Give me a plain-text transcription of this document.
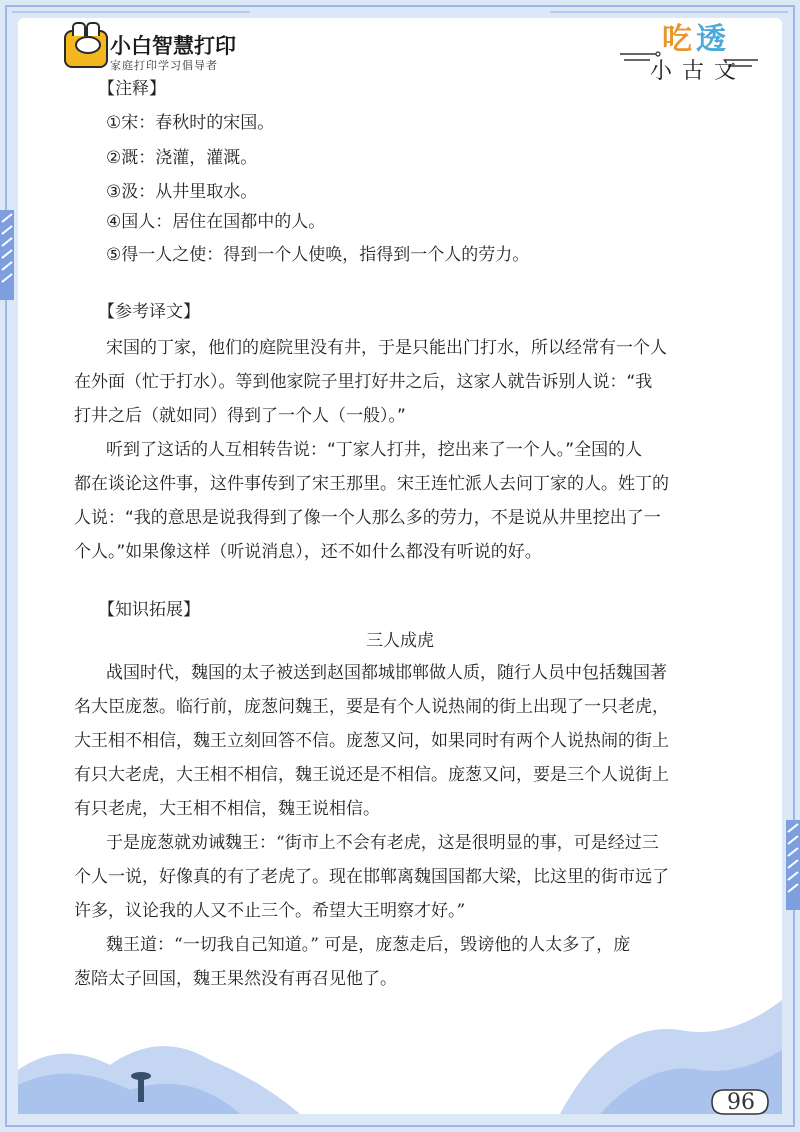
小白智慧打印
家庭打印学习倡导者
吃 透
小古文

【注释】

①宋：春秋时的宋国。

②溉：浇灌，灌溉。

③汲：从井里取水。

④国人：居住在国都中的人。

⑤得一人之使：得到一个人使唤，指得到一个人的劳力。

【参考译文】

宋国的丁家，他们的庭院里没有井，于是只能出门打水，所以经常有一个人

在外面（忙于打水）。等到他家院子里打好井之后，这家人就告诉别人说：“我

打井之后（就如同）得到了一个人（一般）。”

听到了这话的人互相转告说：“丁家人打井，挖出来了一个人。”全国的人

都在谈论这件事，这件事传到了宋王那里。宋王连忙派人去问丁家的人。姓丁的

人说：“我的意思是说我得到了像一个人那么多的劳力，不是说从井里挖出了一

个人。”如果像这样（听说消息），还不如什么都没有听说的好。

【知识拓展】

三人成虎

战国时代，魏国的太子被送到赵国都城邯郸做人质，随行人员中包括魏国著

名大臣庞葱。临行前，庞葱问魏王，要是有个人说热闹的街上出现了一只老虎，

大王相不相信，魏王立刻回答不信。庞葱又问，如果同时有两个人说热闹的街上

有只大老虎，大王相不相信，魏王说还是不相信。庞葱又问，要是三个人说街上

有只老虎，大王相不相信，魏王说相信。

于是庞葱就劝诫魏王：“街市上不会有老虎，这是很明显的事，可是经过三

个人一说，好像真的有了老虎了。现在邯郸离魏国国都大梁，比这里的街市远了

许多，议论我的人又不止三个。希望大王明察才好。”

魏王道：“一切我自己知道。” 可是，庞葱走后，毁谤他的人太多了，庞

葱陪太子回国，魏王果然没有再召见他了。

96
